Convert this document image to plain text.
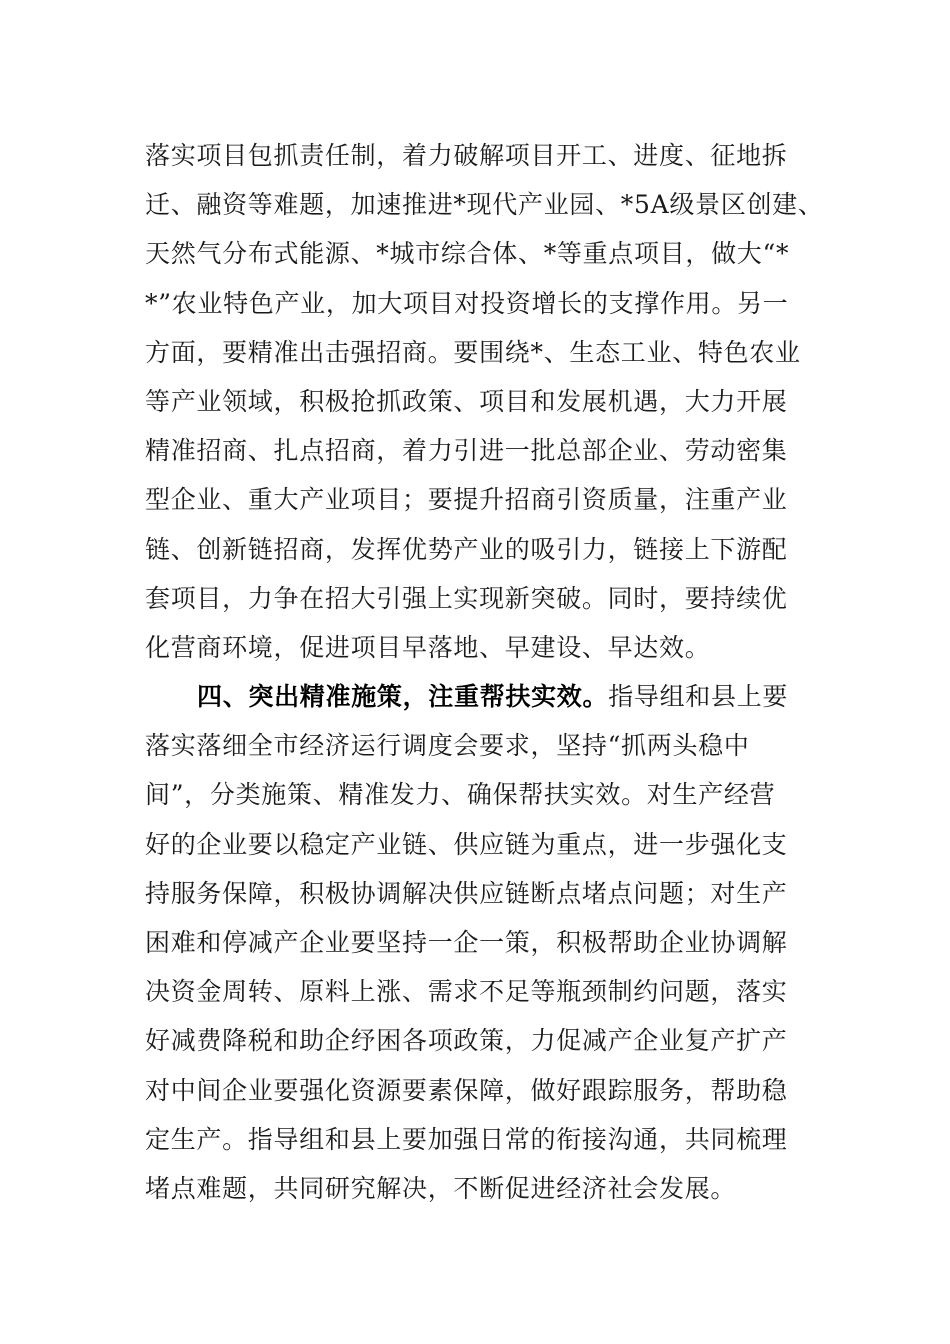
落实项目包抓责任制，着力破解项目开工、进度、征地拆
迁、融资等难题，加速推进*现代产业园、*5A级景区创建、
天然气分布式能源、*城市综合体、*等重点项目，做大“*
*”农业特色产业，加大项目对投资增长的支撑作用。另一
方面，要精准出击强招商。要围绕*、生态工业、特色农业
等产业领域，积极抢抓政策、项目和发展机遇，大力开展
精准招商、扎点招商，着力引进一批总部企业、劳动密集
型企业、重大产业项目；要提升招商引资质量，注重产业
链、创新链招商，发挥优势产业的吸引力，链接上下游配
套项目，力争在招大引强上实现新突破。同时，要持续优
化营商环境，促进项目早落地、早建设、早达效。
四、突出精准施策，注重帮扶实效。指导组和县上要
落实落细全市经济运行调度会要求，坚持“抓两头稳中
间”，分类施策、精准发力、确保帮扶实效。对生产经营
好的企业要以稳定产业链、供应链为重点，进一步强化支
持服务保障，积极协调解决供应链断点堵点问题；对生产
困难和停减产企业要坚持一企一策，积极帮助企业协调解
决资金周转、原料上涨、需求不足等瓶颈制约问题，落实
好减费降税和助企纾困各项政策，力促减产企业复产扩产
对中间企业要强化资源要素保障，做好跟踪服务，帮助稳
定生产。指导组和县上要加强日常的衔接沟通，共同梳理
堵点难题，共同研究解决，不断促进经济社会发展。
